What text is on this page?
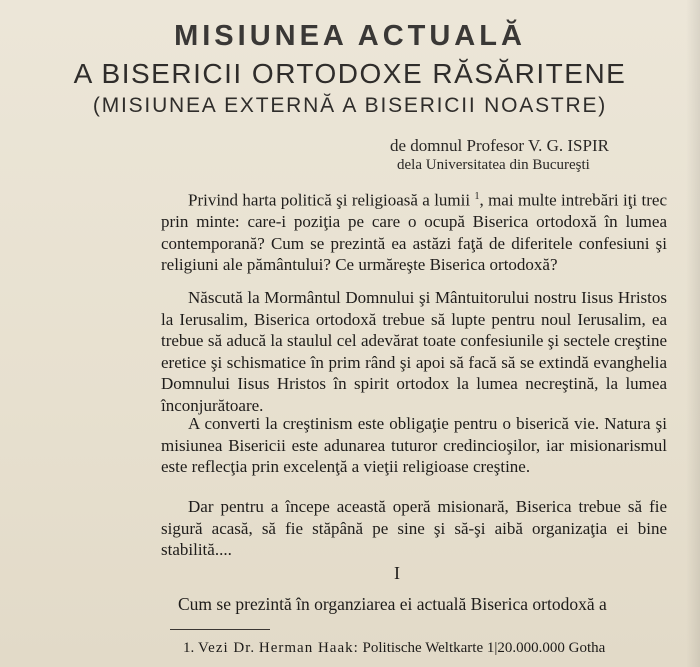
MISIUNEA ACTUALĂ
A BISERICII ORTODOXE RĂSĂRITENE
(MISIUNEA EXTERNĂ A BISERICII NOASTRE)
de domnul Profesor V. G. ISPIR
dela Universitatea din Bucureşti
Privind harta politică şi religioasă a lumii $^1$, mai multe intrebări iţi trec prin minte: care-i poziţia pe care o ocupă Biserica ortodoxă în lumea contemporană? Cum se prezintă ea astăzi faţă de diferitele confesiuni şi religiuni ale pământului? Ce urmăreşte Biserica ortodoxă?
Născută la Mormântul Domnului şi Mântuitorului nostru Iisus Hristos la Ierusalim, Biserica ortodoxă trebue să lupte pentru noul Ierusalim, ea trebue să aducă la staulul cel adevărat toate confesiunile şi sectele creştine eretice şi schismatice în prim rând şi apoi să facă să se extindă evanghelia Domnului Iisus Hristos în spirit ortodox la lumea necreştină, la lumea înconjurătoare.
A converti la creştinism este obligaţie pentru o biserică vie. Natura şi misiunea Bisericii este adunarea tuturor credincioşilor, iar misionarismul este reflecţia prin excelenţă a vieţii religioase creştine.
Dar pentru a începe această operă misionară, Biserica trebue să fie sigură acasă, să fie stăpână pe sine şi să-şi aibă organizaţia ei bine stabilită....
I
Cum se prezintă în organziarea ei actuală Biserica ortodoxă a
1. Vezi Dr. Herman Haak: Politische Weltkarte 1|20.000.000 Gotha
